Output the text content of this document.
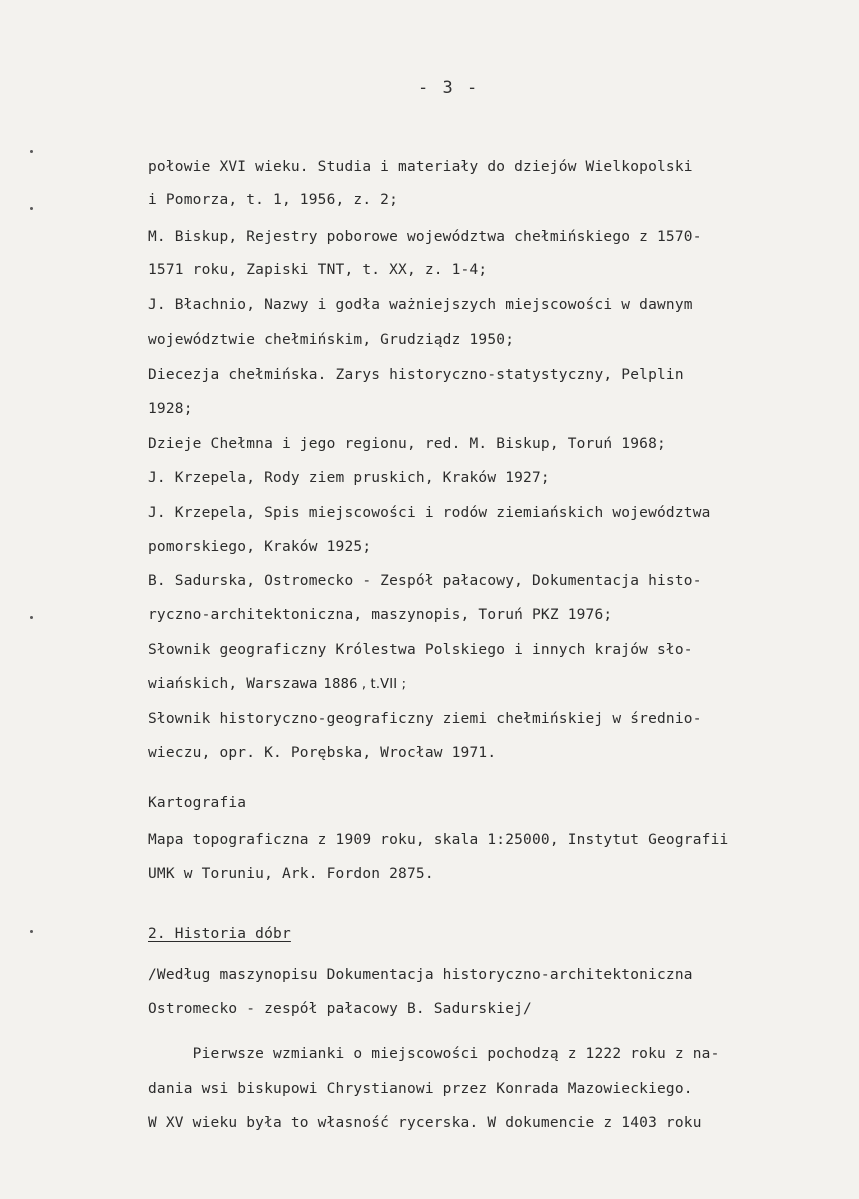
- 3 -
połowie XVI wieku. Studia i materiały do dziejów Wielkopolski
i Pomorza, t. 1, 1956, z. 2;
M. Biskup, Rejestry poborowe województwa chełmińskiego z 1570-
1571 roku, Zapiski TNT, t. XX, z. 1-4;
J. Błachnio, Nazwy i godła ważniejszych miejscowości w dawnym
województwie chełmińskim, Grudziądz 1950;
Diecezja chełmińska. Zarys historyczno-statystyczny, Pelplin
1928;
Dzieje Chełmna i jego regionu, red. M. Biskup, Toruń 1968;
J. Krzepela, Rody ziem pruskich, Kraków 1927;
J. Krzepela, Spis miejscowości i rodów ziemiańskich województwa
pomorskiego, Kraków 1925;
B. Sadurska, Ostromecko - Zespół pałacowy, Dokumentacja histo-
ryczno-architektoniczna, maszynopis, Toruń PKZ 1976;
Słownik geograficzny Królestwa Polskiego i innych krajów sło-
wiańskich, Warszawa 1886 , t.VII ;
Słownik historyczno-geograficzny ziemi chełmińskiej w średnio-
wieczu, opr. K. Porębska, Wrocław 1971.
Kartografia
Mapa topograficzna z 1909 roku, skala 1:25000, Instytut Geografii
UMK w Toruniu, Ark. Fordon 2875.
2. Historia dóbr
/Według maszynopisu Dokumentacja historyczno-architektoniczna
Ostromecko - zespół pałacowy B. Sadurskiej/
Pierwsze wzmianki o miejscowości pochodzą z 1222 roku z na-
dania wsi biskupowi Chrystianowi przez Konrada Mazowieckiego.
W XV wieku była to własność rycerska. W dokumencie z 1403 roku
